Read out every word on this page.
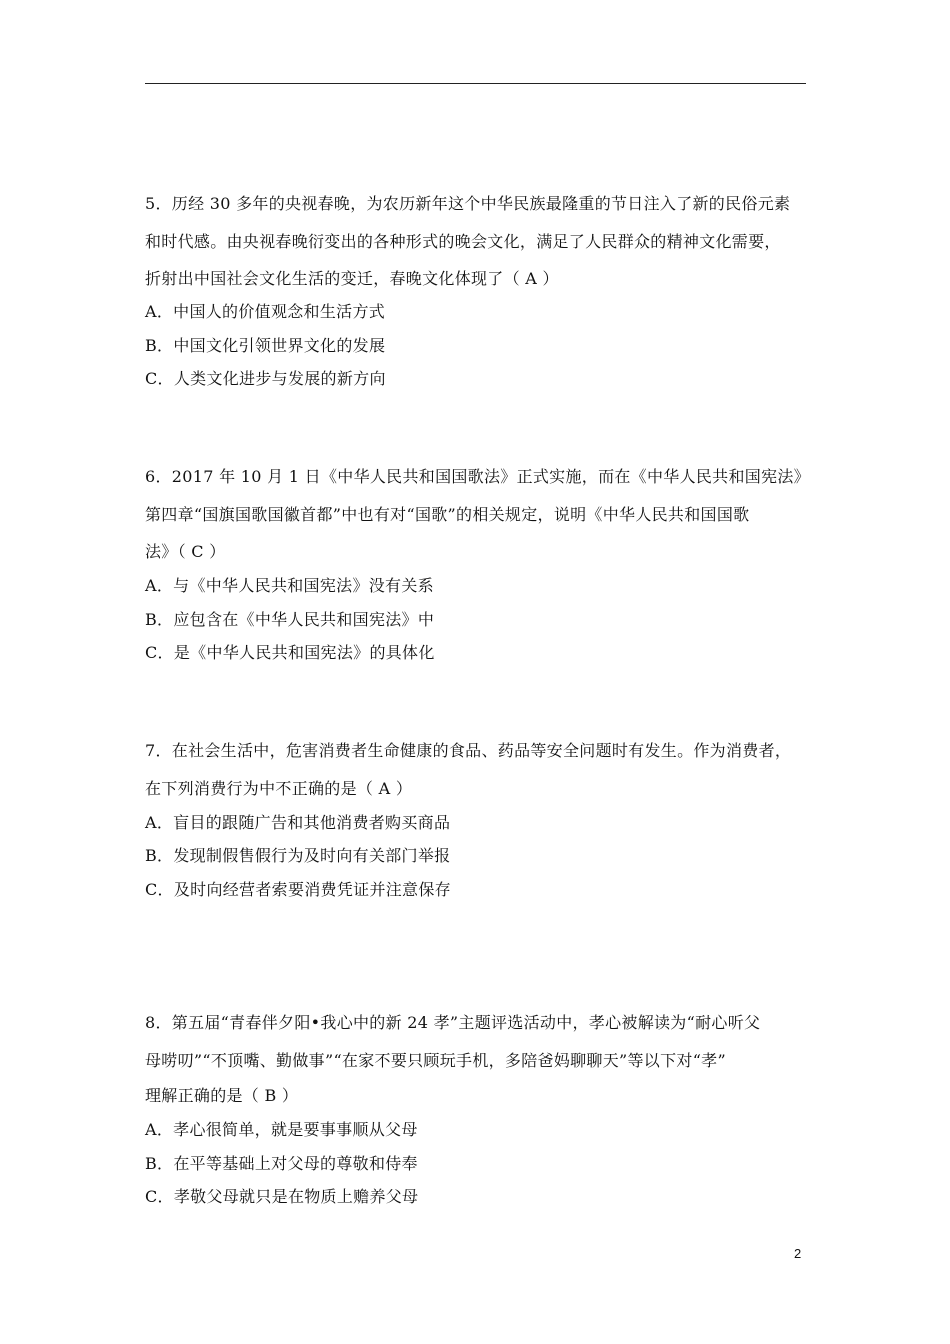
5．历经 30 多年的央视春晚，为农历新年这个中华民族最隆重的节日注入了新的民俗元素
和时代感。由央视春晚衍变出的各种形式的晚会文化，满足了人民群众的精神文化需要，
折射出中国社会文化生活的变迁，春晚文化体现了（ A ）
A．中国人的价值观念和生活方式
B．中国文化引领世界文化的发展
C．人类文化进步与发展的新方向
6．2017 年 10 月 1 日《中华人民共和国国歌法》正式实施，而在《中华人民共和国宪法》
第四章“国旗国歌国徽首都”中也有对“国歌”的相关规定，说明《中华人民共和国国歌
法》（ C ）
A．与《中华人民共和国宪法》没有关系
B．应包含在《中华人民共和国宪法》中
C．是《中华人民共和国宪法》的具体化
7．在社会生活中，危害消费者生命健康的食品、药品等安全问题时有发生。作为消费者，
在下列消费行为中不正确的是（ A ）
A．盲目的跟随广告和其他消费者购买商品
B．发现制假售假行为及时向有关部门举报
C．及时向经营者索要消费凭证并注意保存
8．第五届“青春伴夕阳•我心中的新 24 孝”主题评选活动中，孝心被解读为“耐心听父
母唠叨”“不顶嘴、勤做事”“在家不要只顾玩手机，多陪爸妈聊聊天”等以下对“孝”
理解正确的是（ B ）
A．孝心很简单，就是要事事顺从父母
B．在平等基础上对父母的尊敬和侍奉
C．孝敬父母就只是在物质上赡养父母
2
